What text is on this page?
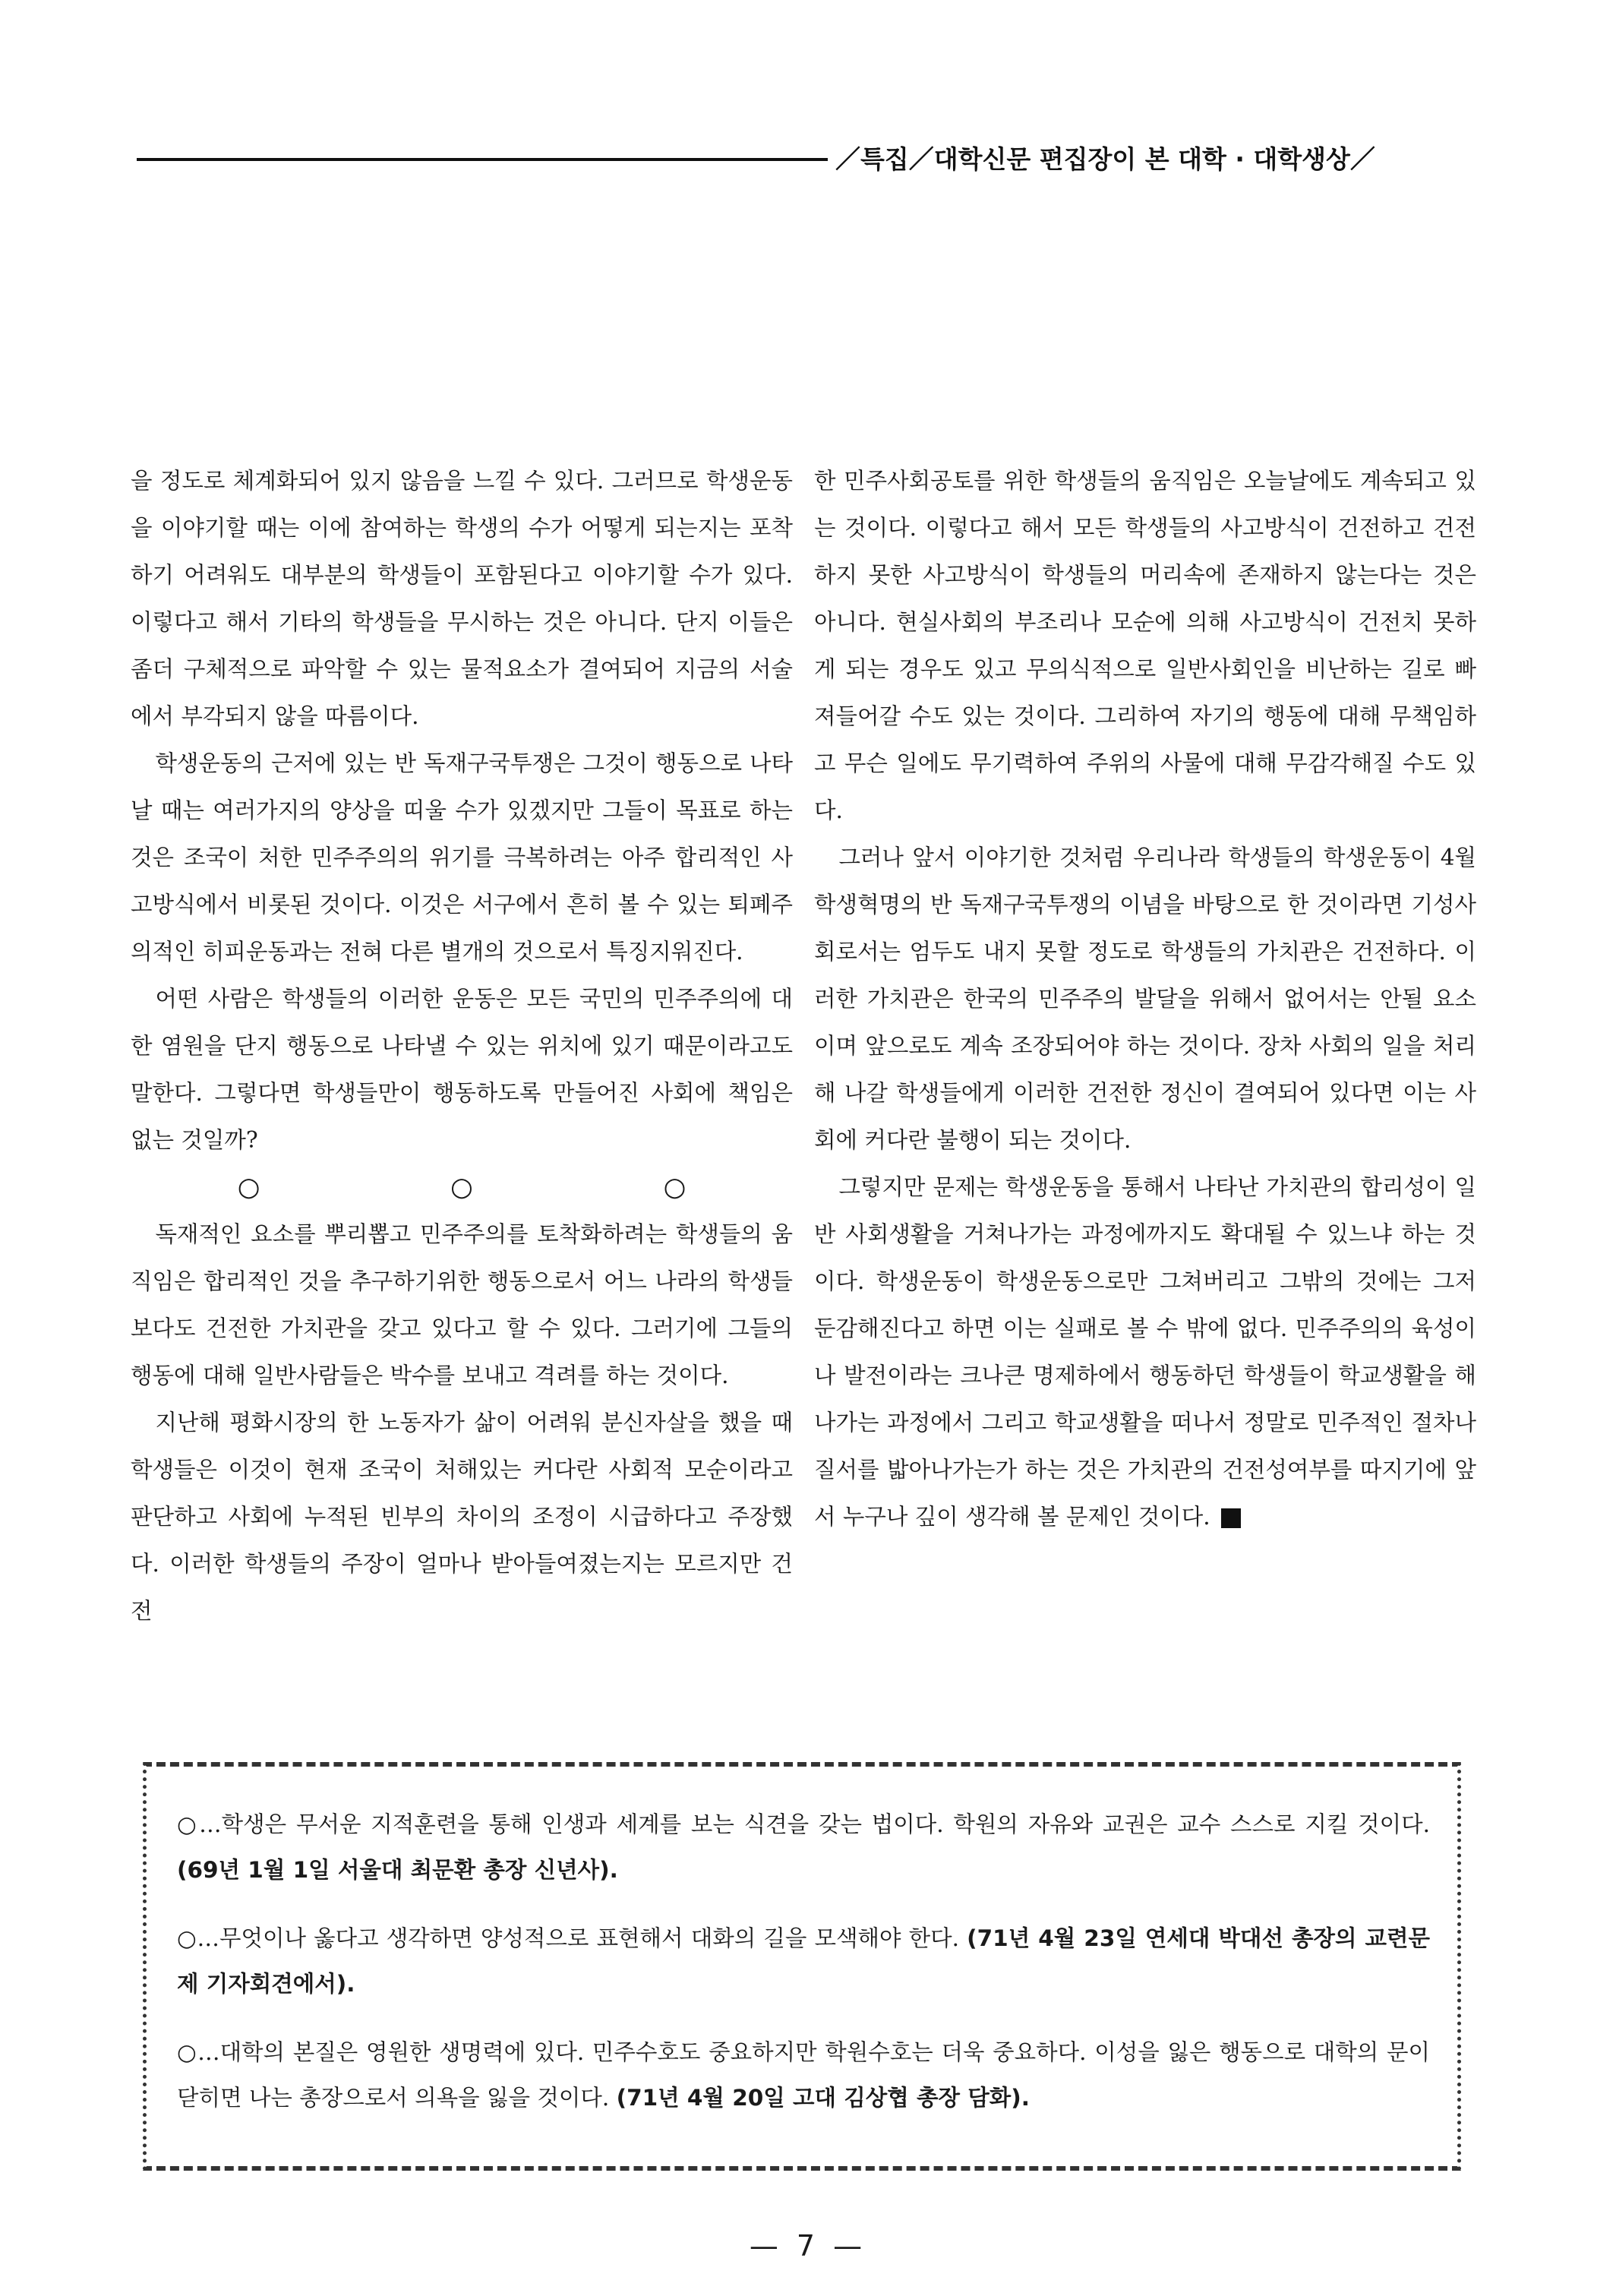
／특집／대학신문 편집장이 본 대학 · 대학생상／

을 정도로 체계화되어 있지 않음을 느낄 수 있다. 그러므로 학생운동을 이야기할 때는 이에 참여하는 학생의 수가 어떻게 되는지는 포착하기 어려워도 대부분의 학생들이 포함된다고 이야기할 수가 있다. 이렇다고 해서 기타의 학생들을 무시하는 것은 아니다. 단지 이들은 좀더 구체적으로 파악할 수 있는 물적요소가 결여되어 지금의 서술에서 부각되지 않을 따름이다.

학생운동의 근저에 있는 반 독재구국투쟁은 그것이 행동으로 나타날 때는 여러가지의 양상을 띠울 수가 있겠지만 그들이 목표로 하는 것은 조국이 처한 민주주의의 위기를 극복하려는 아주 합리적인 사고방식에서 비롯된 것이다. 이것은 서구에서 흔히 볼 수 있는 퇴폐주의적인 히피운동과는 전혀 다른 별개의 것으로서 특징지워진다.

어떤 사람은 학생들의 이러한 운동은 모든 국민의 민주주의에 대한 염원을 단지 행동으로 나타낼 수 있는 위치에 있기 때문이라고도 말한다. 그렇다면 학생들만이 행동하도록 만들어진 사회에 책임은 없는 것일까?

○ ○ ○

독재적인 요소를 뿌리뽑고 민주주의를 토착화하려는 학생들의 움직임은 합리적인 것을 추구하기위한 행동으로서 어느 나라의 학생들보다도 건전한 가치관을 갖고 있다고 할 수 있다. 그러기에 그들의 행동에 대해 일반사람들은 박수를 보내고 격려를 하는 것이다.

지난해 평화시장의 한 노동자가 삶이 어려워 분신자살을 했을 때 학생들은 이것이 현재 조국이 처해있는 커다란 사회적 모순이라고 판단하고 사회에 누적된 빈부의 차이의 조정이 시급하다고 주장했다. 이러한 학생들의 주장이 얼마나 받아들여졌는지는 모르지만 건전

한 민주사회공토를 위한 학생들의 움직임은 오늘날에도 계속되고 있는 것이다. 이렇다고 해서 모든 학생들의 사고방식이 건전하고 건전하지 못한 사고방식이 학생들의 머리속에 존재하지 않는다는 것은 아니다. 현실사회의 부조리나 모순에 의해 사고방식이 건전치 못하게 되는 경우도 있고 무의식적으로 일반사회인을 비난하는 길로 빠져들어갈 수도 있는 것이다. 그리하여 자기의 행동에 대해 무책임하고 무슨 일에도 무기력하여 주위의 사물에 대해 무감각해질 수도 있다.

그러나 앞서 이야기한 것처럼 우리나라 학생들의 학생운동이 4월 학생혁명의 반 독재구국투쟁의 이념을 바탕으로 한 것이라면 기성사회로서는 엄두도 내지 못할 정도로 학생들의 가치관은 건전하다. 이러한 가치관은 한국의 민주주의 발달을 위해서 없어서는 안될 요소이며 앞으로도 계속 조장되어야 하는 것이다. 장차 사회의 일을 처리해 나갈 학생들에게 이러한 건전한 정신이 결여되어 있다면 이는 사회에 커다란 불행이 되는 것이다.

그렇지만 문제는 학생운동을 통해서 나타난 가치관의 합리성이 일반 사회생활을 거쳐나가는 과정에까지도 확대될 수 있느냐 하는 것이다. 학생운동이 학생운동으로만 그쳐버리고 그밖의 것에는 그저 둔감해진다고 하면 이는 실패로 볼 수 밖에 없다. 민주주의의 육성이나 발전이라는 크나큰 명제하에서 행동하던 학생들이 학교생활을 해나가는 과정에서 그리고 학교생활을 떠나서 정말로 민주적인 절차나 질서를 밟아나가는가 하는 것은 가치관의 건전성여부를 따지기에 앞서 누구나 깊이 생각해 볼 문제인 것이다.

○…학생은 무서운 지적훈련을 통해 인생과 세계를 보는 식견을 갖는 법이다. 학원의 자유와 교권은 교수 스스로 지킬 것이다. (69년 1월 1일 서울대 최문환 총장 신년사).

○…무엇이나 옳다고 생각하면 양성적으로 표현해서 대화의 길을 모색해야 한다. (71년 4월 23일 연세대 박대선 총장의 교련문제 기자회견에서).

○…대학의 본질은 영원한 생명력에 있다. 민주수호도 중요하지만 학원수호는 더욱 중요하다. 이성을 잃은 행동으로 대학의 문이 닫히면 나는 총장으로서 의욕을 잃을 것이다. (71년 4월 20일 고대 김상협 총장 담화).

— 7 —
